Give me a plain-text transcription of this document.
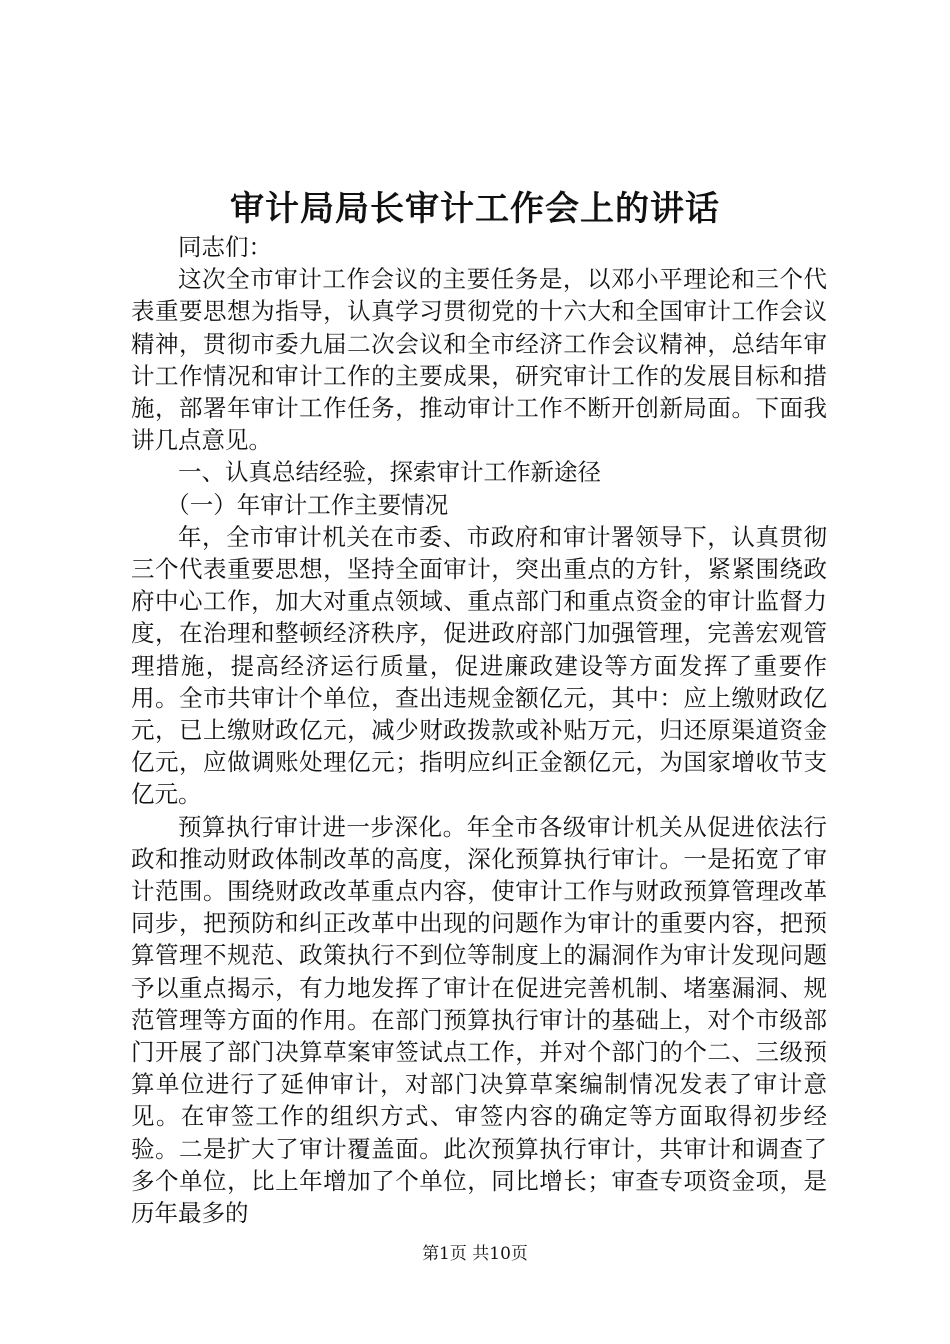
审计局局长审计工作会上的讲话

同志们：

这次全市审计工作会议的主要任务是，以邓小平理论和三个代表重要思想为指导，认真学习贯彻党的十六大和全国审计工作会议精神，贯彻市委九届二次会议和全市经济工作会议精神，总结年审计工作情况和审计工作的主要成果，研究审计工作的发展目标和措施，部署年审计工作任务，推动审计工作不断开创新局面。下面我讲几点意见。

一、认真总结经验，探索审计工作新途径

（一）年审计工作主要情况

年，全市审计机关在市委、市政府和审计署领导下，认真贯彻三个代表重要思想，坚持全面审计，突出重点的方针，紧紧围绕政府中心工作，加大对重点领域、重点部门和重点资金的审计监督力度，在治理和整顿经济秩序，促进政府部门加强管理，完善宏观管理措施，提高经济运行质量，促进廉政建设等方面发挥了重要作用。全市共审计个单位，查出违规金额亿元，其中：应上缴财政亿元，已上缴财政亿元，减少财政拨款或补贴万元，归还原渠道资金亿元，应做调账处理亿元；指明应纠正金额亿元，为国家增收节支亿元。

预算执行审计进一步深化。年全市各级审计机关从促进依法行政和推动财政体制改革的高度，深化预算执行审计。一是拓宽了审计范围。围绕财政改革重点内容，使审计工作与财政预算管理改革同步，把预防和纠正改革中出现的问题作为审计的重要内容，把预算管理不规范、政策执行不到位等制度上的漏洞作为审计发现问题予以重点揭示，有力地发挥了审计在促进完善机制、堵塞漏洞、规范管理等方面的作用。在部门预算执行审计的基础上，对个市级部门开展了部门决算草案审签试点工作，并对个部门的个二、三级预算单位进行了延伸审计，对部门决算草案编制情况发表了审计意见。在审签工作的组织方式、审签内容的确定等方面取得初步经验。二是扩大了审计覆盖面。此次预算执行审计，共审计和调查了多个单位，比上年增加了个单位，同比增长；审查专项资金项，是历年最多的

第1页 共10页
